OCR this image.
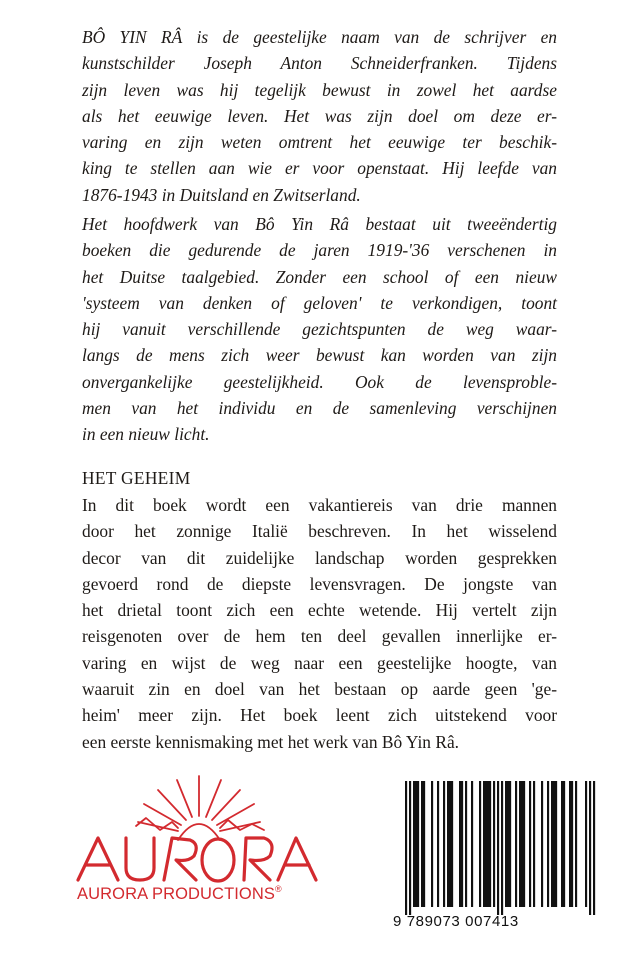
BÔ YIN RÂ is de geestelijke naam van de schrijver en
kunstschilder Joseph Anton Schneiderfranken. Tijdens
zijn leven was hij tegelijk bewust in zowel het aardse
als het eeuwige leven. Het was zijn doel om deze er-
varing en zijn weten omtrent het eeuwige ter beschik-
king te stellen aan wie er voor openstaat. Hij leefde van
1876-1943 in Duitsland en Zwitserland.
Het hoofdwerk van Bô Yin Râ bestaat uit tweeëndertig
boeken die gedurende de jaren 1919-'36 verschenen in
het Duitse taalgebied. Zonder een school of een nieuw
'systeem van denken of geloven' te verkondigen, toont
hij vanuit verschillende gezichtspunten de weg waar-
langs de mens zich weer bewust kan worden van zijn
onvergankelijke geestelijkheid. Ook de levensproble-
men van het individu en de samenleving verschijnen
in een nieuw licht.
HET GEHEIM
In dit boek wordt een vakantiereis van drie mannen
door het zonnige Italië beschreven. In het wisselend
decor van dit zuidelijke landschap worden gesprekken
gevoerd rond de diepste levensvragen. De jongste van
het drietal toont zich een echte wetende. Hij vertelt zijn
reisgenoten over de hem ten deel gevallen innerlijke er-
varing en wijst de weg naar een geestelijke hoogte, van
waaruit zin en doel van het bestaan op aarde geen 'ge-
heim' meer zijn. Het boek leent zich uitstekend voor
een eerste kennismaking met het werk van Bô Yin Râ.
AURORA PRODUCTIONS®
9 789073 007413
